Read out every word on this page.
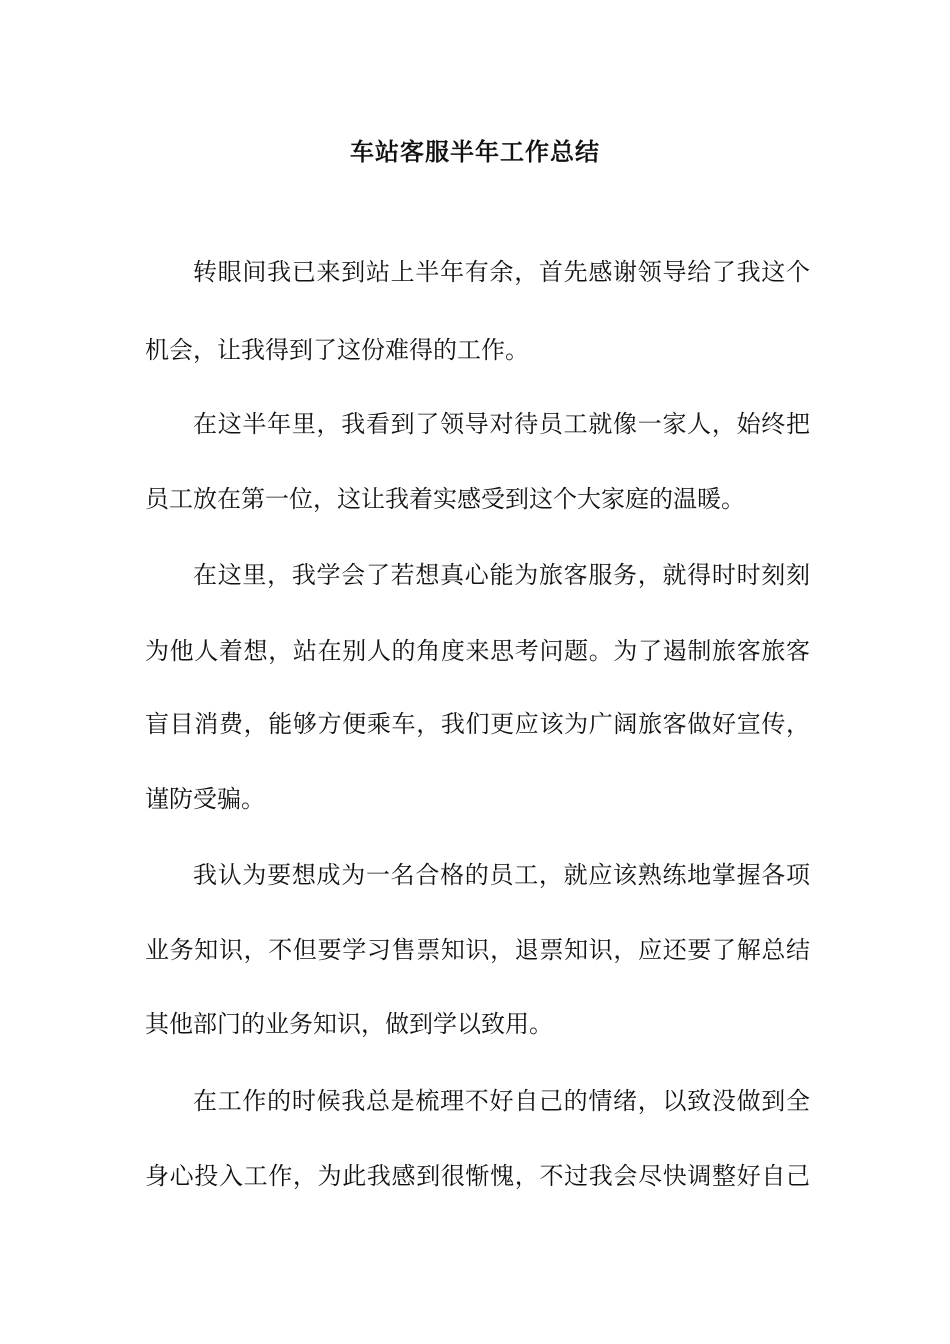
车站客服半年工作总结
转眼间我已来到站上半年有余，首先感谢领导给了我这个
机会，让我得到了这份难得的工作。
在这半年里，我看到了领导对待员工就像一家人，始终把
员工放在第一位，这让我着实感受到这个大家庭的温暖。
在这里，我学会了若想真心能为旅客服务，就得时时刻刻
为他人着想，站在别人的角度来思考问题。为了遏制旅客旅客
盲目消费，能够方便乘车，我们更应该为广阔旅客做好宣传，
谨防受骗。
我认为要想成为一名合格的员工，就应该熟练地掌握各项
业务知识，不但要学习售票知识，退票知识，应还要了解总结
其他部门的业务知识，做到学以致用。
在工作的时候我总是梳理不好自己的情绪，以致没做到全
身心投入工作，为此我感到很惭愧，不过我会尽快调整好自己
